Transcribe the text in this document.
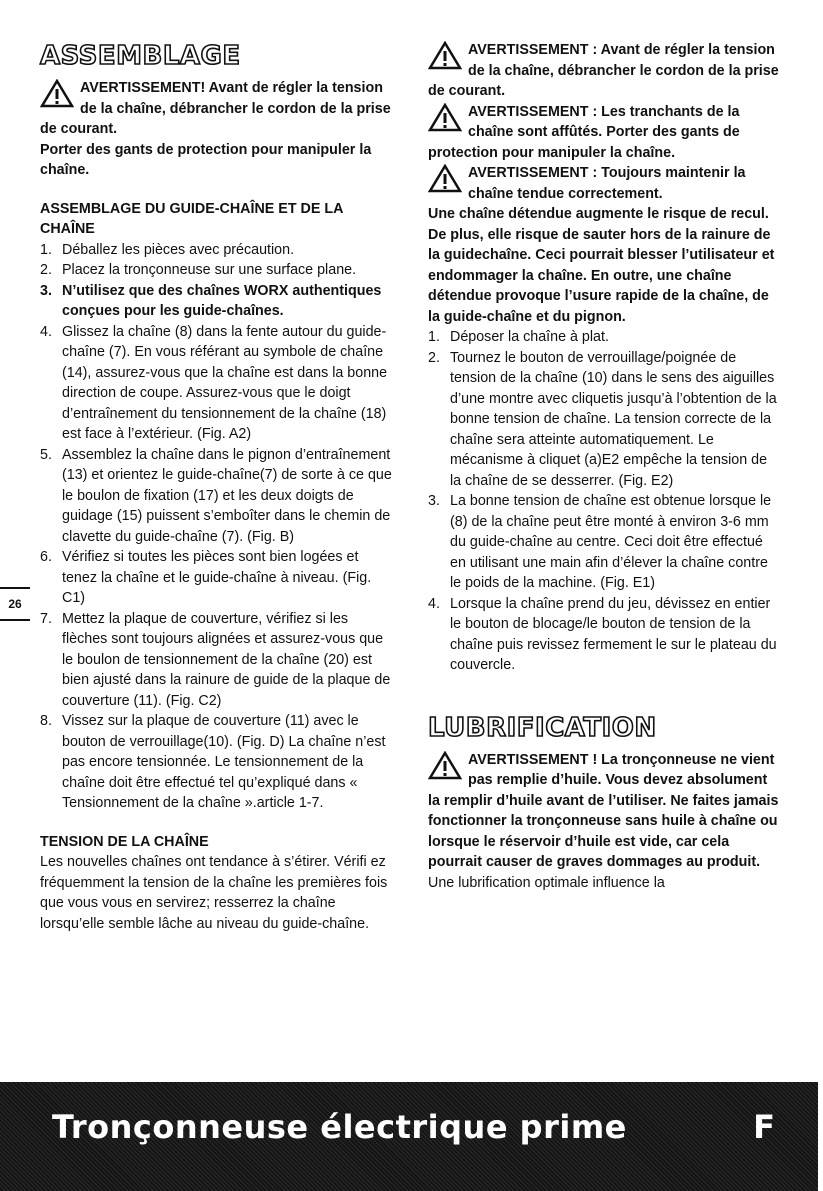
ASSEMBLAGE

AVERTISSEMENT! Avant de régler la tension de la chaîne, débrancher le cordon de la prise de courant.

Porter des gants de protection pour manipuler la chaîne.

ASSEMBLAGE DU GUIDE-CHAÎNE ET DE LA CHAÎNE
1. Déballez les pièces avec précaution.
2. Placez la tronçonneuse sur une surface plane.
3. N’utilisez que des chaînes WORX authentiques conçues pour les guide-chaînes.
4. Glissez la chaîne (8) dans la fente autour du guide-chaîne (7). En vous référant au symbole de chaîne (14), assurez-vous que la chaîne est dans la bonne direction de coupe. Assurez-vous que le doigt d’entraînement du tensionnement de la chaîne (18) est face à l’extérieur. (Fig. A2)
5. Assemblez la chaîne dans le pignon d’entraînement (13) et orientez le guide-chaîne(7) de sorte à ce que le boulon de fixation (17) et les deux doigts de guidage (15) puissent s’emboîter dans le chemin de clavette du guide-chaîne (7). (Fig. B)
6. Vérifiez si toutes les pièces sont bien logées et tenez la chaîne et le guide-chaîne à niveau. (Fig. C1)
7. Mettez la plaque de couverture, vérifiez si les flèches sont toujours alignées et assurez-vous que le boulon de tensionnement de la chaîne (20) est bien ajusté dans la rainure de guide de la plaque de couverture (11). (Fig. C2)
8. Vissez sur la plaque de couverture (11) avec le bouton de verrouillage(10). (Fig. D) La chaîne n’est pas encore tensionnée. Le tensionnement de la chaîne doit être effectué tel qu’expliqué dans « Tensionnement de la chaîne ».article 1-7.
TENSION DE LA CHAÎNE

Les nouvelles chaînes ont tendance à s’étirer. Vérifi ez fréquemment la tension de la chaîne les premières fois que vous vous en servirez; resserrez la chaîne lorsqu’elle semble lâche au niveau du guide-chaîne.

AVERTISSEMENT : Avant de régler la tension de la chaîne, débrancher le cordon de la prise de courant.

AVERTISSEMENT : Les tranchants de la chaîne sont affûtés. Porter des gants de protection pour manipuler la chaîne.

AVERTISSEMENT : Toujours maintenir la chaîne tendue correctement.

Une chaîne détendue augmente le risque de recul. De plus, elle risque de sauter hors de la rainure de la guidechaîne. Ceci pourrait blesser l’utilisateur et endommager la chaîne. En outre, une chaîne détendue provoque l’usure rapide de la chaîne, de la guide-chaîne et du pignon.

1. Déposer la chaîne à plat.
2. Tournez le bouton de verrouillage/poignée de tension de la chaîne (10) dans le sens des aiguilles d’une montre avec cliquetis jusqu’à l’obtention de la bonne tension de chaîne. La tension correcte de la chaîne sera atteinte automatiquement. Le mécanisme à cliquet (a)E2 empêche la tension de la chaîne de se desserrer. (Fig. E2)
3. La bonne tension de chaîne est obtenue lorsque le (8) de la chaîne peut être monté à environ 3-6 mm du guide-chaîne au centre. Ceci doit être effectué en utilisant une main afin d’élever la chaîne contre le poids de la machine. (Fig. E1)
4. Lorsque la chaîne prend du jeu, dévissez en entier le bouton de blocage/le bouton de tension de la chaîne puis revissez fermement le sur le plateau du couvercle.
LUBRIFICATION

AVERTISSEMENT ! La tronçonneuse ne vient pas remplie d’huile. Vous devez absolument la remplir d’huile avant de l’utiliser. Ne faites jamais fonctionner la tronçonneuse sans huile à chaîne ou lorsque le réservoir d’huile est vide, car cela pourrait causer de graves dommages au produit.

Une lubrification optimale influence la

26
Tronçonneuse électrique prime	F
